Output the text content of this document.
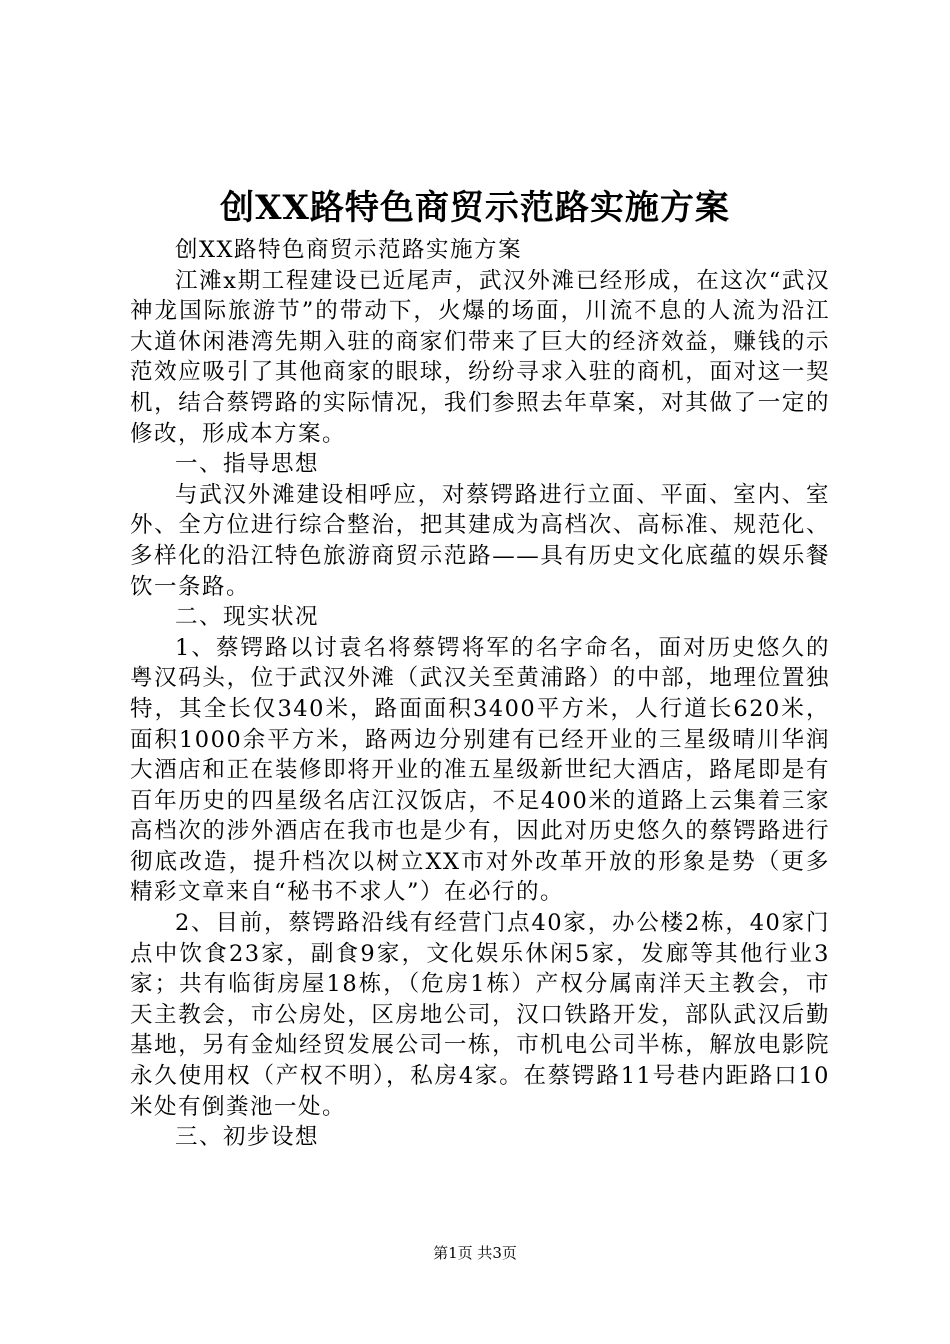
创XX路特色商贸示范路实施方案

创XX路特色商贸示范路实施方案

江滩x期工程建设已近尾声，武汉外滩已经形成，在这次“武汉神龙国际旅游节”的带动下，火爆的场面，川流不息的人流为沿江大道休闲港湾先期入驻的商家们带来了巨大的经济效益，赚钱的示范效应吸引了其他商家的眼球，纷纷寻求入驻的商机，面对这一契机，结合蔡锷路的实际情况，我们参照去年草案，对其做了一定的修改，形成本方案。

一、指导思想

与武汉外滩建设相呼应，对蔡锷路进行立面、平面、室内、室外、全方位进行综合整治，把其建成为高档次、高标准、规范化、多样化的沿江特色旅游商贸示范路——具有历史文化底蕴的娱乐餐饮一条路。

二、现实状况

1、蔡锷路以讨袁名将蔡锷将军的名字命名，面对历史悠久的粤汉码头，位于武汉外滩（武汉关至黄浦路）的中部，地理位置独特，其全长仅340米，路面面积3400平方米，人行道长620米，面积1000余平方米，路两边分别建有已经开业的三星级晴川华润大酒店和正在装修即将开业的准五星级新世纪大酒店，路尾即是有百年历史的四星级名店江汉饭店，不足400米的道路上云集着三家高档次的涉外酒店在我市也是少有，因此对历史悠久的蔡锷路进行彻底改造，提升档次以树立XX市对外改革开放的形象是势（更多精彩文章来自“秘书不求人”）在必行的。

2、目前，蔡锷路沿线有经营门点40家，办公楼2栋，40家门点中饮食23家，副食9家，文化娱乐休闲5家，发廊等其他行业3家；共有临街房屋18栋，（危房1栋）产权分属南洋天主教会，市天主教会，市公房处，区房地公司，汉口铁路开发，部队武汉后勤基地，另有金灿经贸发展公司一栋，市机电公司半栋，解放电影院永久使用权（产权不明），私房4家。在蔡锷路11号巷内距路口10米处有倒粪池一处。

三、初步设想

第1页 共3页
